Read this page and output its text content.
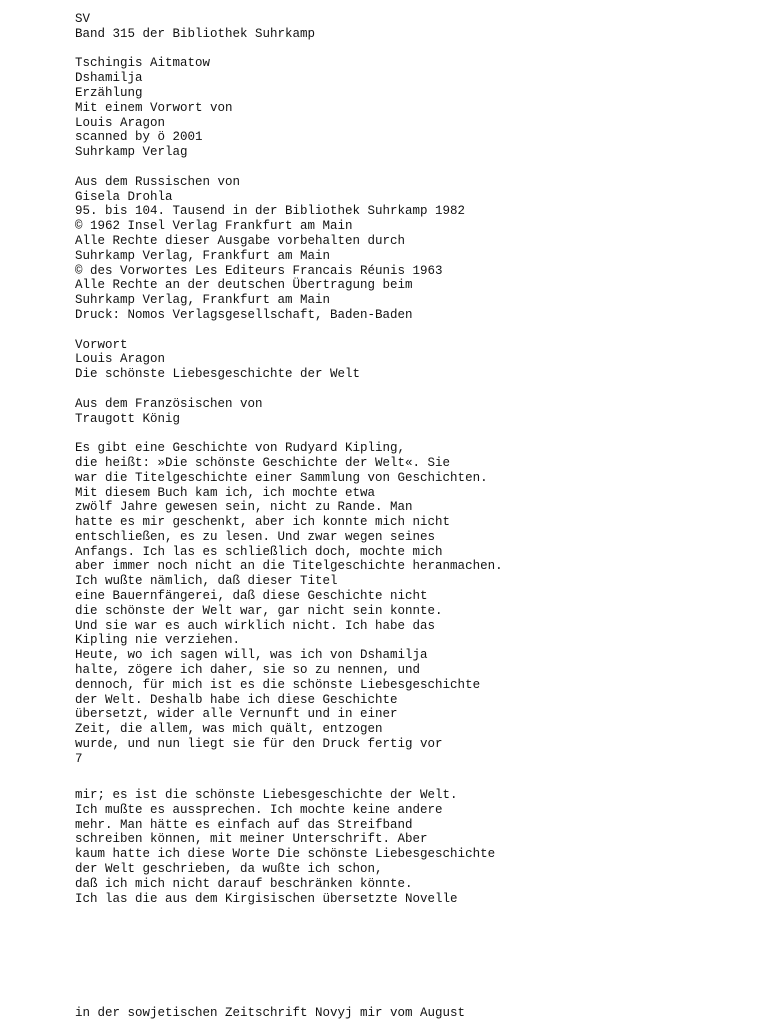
SV
Band 315 der Bibliothek Suhrkamp
Tschingis Aitmatow
Dshamilja
Erzählung
Mit einem Vorwort von
Louis Aragon
scanned by ö 2001
Suhrkamp Verlag
Aus dem Russischen von
Gisela Drohla
95. bis 104. Tausend in der Bibliothek Suhrkamp 1982
© 1962 Insel Verlag Frankfurt am Main
Alle Rechte dieser Ausgabe vorbehalten durch
Suhrkamp Verlag, Frankfurt am Main
© des Vorwortes Les Editeurs Francais Réunis 1963
Alle Rechte an der deutschen Übertragung beim
Suhrkamp Verlag, Frankfurt am Main
Druck: Nomos Verlagsgesellschaft, Baden-Baden
Vorwort
Louis Aragon
Die schönste Liebesgeschichte der Welt
Aus dem Französischen von
Traugott König
Es gibt eine Geschichte von Rudyard Kipling,
die heißt: »Die schönste Geschichte der Welt«. Sie
war die Titelgeschichte einer Sammlung von Geschichten.
Mit diesem Buch kam ich, ich mochte etwa
zwölf Jahre gewesen sein, nicht zu Rande. Man
hatte es mir geschenkt, aber ich konnte mich nicht
entschließen, es zu lesen. Und zwar wegen seines
Anfangs. Ich las es schließlich doch, mochte mich
aber immer noch nicht an die Titelgeschichte heranmachen.
Ich wußte nämlich, daß dieser Titel
eine Bauernfängerei, daß diese Geschichte nicht
die schönste der Welt war, gar nicht sein konnte.
Und sie war es auch wirklich nicht. Ich habe das
Kipling nie verziehen.
Heute, wo ich sagen will, was ich von Dshamilja
halte, zögere ich daher, sie so zu nennen, und
dennoch, für mich ist es die schönste Liebesgeschichte
der Welt. Deshalb habe ich diese Geschichte
übersetzt, wider alle Vernunft und in einer
Zeit, die allem, was mich quält, entzogen
wurde, und nun liegt sie für den Druck fertig vor
7
mir; es ist die schönste Liebesgeschichte der Welt.
Ich mußte es aussprechen. Ich mochte keine andere
mehr. Man hätte es einfach auf das Streifband
schreiben können, mit meiner Unterschrift. Aber
kaum hatte ich diese Worte Die schönste Liebesgeschichte
der Welt geschrieben, da wußte ich schon,
daß ich mich nicht darauf beschränken könnte.
Ich las die aus dem Kirgisischen übersetzte Novelle
in der sowjetischen Zeitschrift Novyj mir vom August
